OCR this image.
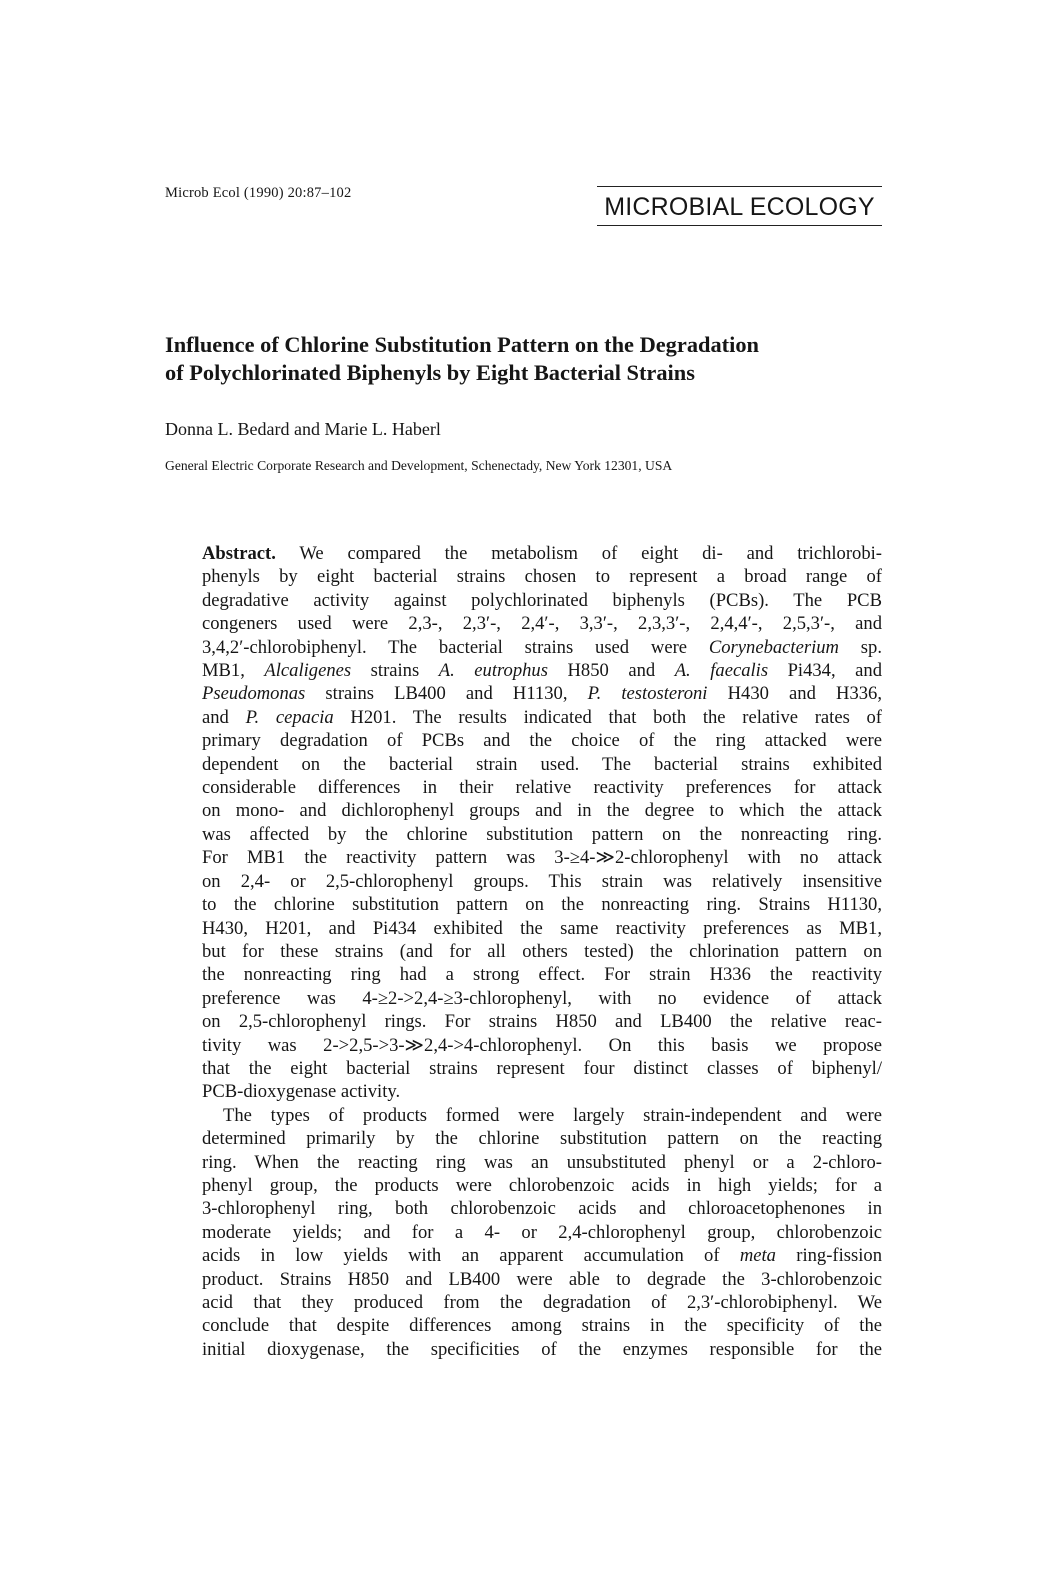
Microb Ecol (1990) 20:87–102	MICROBIAL ECOLOGY
Influence of Chlorine Substitution Pattern on the Degradation
of Polychlorinated Biphenyls by Eight Bacterial Strains
Donna L. Bedard and Marie L. Haberl
General Electric Corporate Research and Development, Schenectady, New York 12301, USA
Abstract. We compared the metabolism of eight di- and trichlorobi-
phenyls by eight bacterial strains chosen to represent a broad range of
degradative activity against polychlorinated biphenyls (PCBs). The PCB
congeners used were 2,3-, 2,3′-, 2,4′-, 3,3′-, 2,3,3′-, 2,4,4′-, 2,5,3′-, and
3,4,2′-chlorobiphenyl. The bacterial strains used were Corynebacterium sp.
MB1, Alcaligenes strains A. eutrophus H850 and A. faecalis Pi434, and
Pseudomonas strains LB400 and H1130, P. testosteroni H430 and H336,
and P. cepacia H201. The results indicated that both the relative rates of
primary degradation of PCBs and the choice of the ring attacked were
dependent on the bacterial strain used. The bacterial strains exhibited
considerable differences in their relative reactivity preferences for attack
on mono- and dichlorophenyl groups and in the degree to which the attack
was affected by the chlorine substitution pattern on the nonreacting ring.
For MB1 the reactivity pattern was 3-≥4-≫2-chlorophenyl with no attack
on 2,4- or 2,5-chlorophenyl groups. This strain was relatively insensitive
to the chlorine substitution pattern on the nonreacting ring. Strains H1130,
H430, H201, and Pi434 exhibited the same reactivity preferences as MB1,
but for these strains (and for all others tested) the chlorination pattern on
the nonreacting ring had a strong effect. For strain H336 the reactivity
preference was 4-≥2->2,4-≥3-chlorophenyl, with no evidence of attack
on 2,5-chlorophenyl rings. For strains H850 and LB400 the relative reac-
tivity was 2->2,5->3-≫2,4->4-chlorophenyl. On this basis we propose
that the eight bacterial strains represent four distinct classes of biphenyl/
PCB-dioxygenase activity.
The types of products formed were largely strain-independent and were
determined primarily by the chlorine substitution pattern on the reacting
ring. When the reacting ring was an unsubstituted phenyl or a 2-chloro-
phenyl group, the products were chlorobenzoic acids in high yields; for a
3-chlorophenyl ring, both chlorobenzoic acids and chloroacetophenones in
moderate yields; and for a 4- or 2,4-chlorophenyl group, chlorobenzoic
acids in low yields with an apparent accumulation of meta ring-fission
product. Strains H850 and LB400 were able to degrade the 3-chlorobenzoic
acid that they produced from the degradation of 2,3′-chlorobiphenyl. We
conclude that despite differences among strains in the specificity of the
initial dioxygenase, the specificities of the enzymes responsible for the
